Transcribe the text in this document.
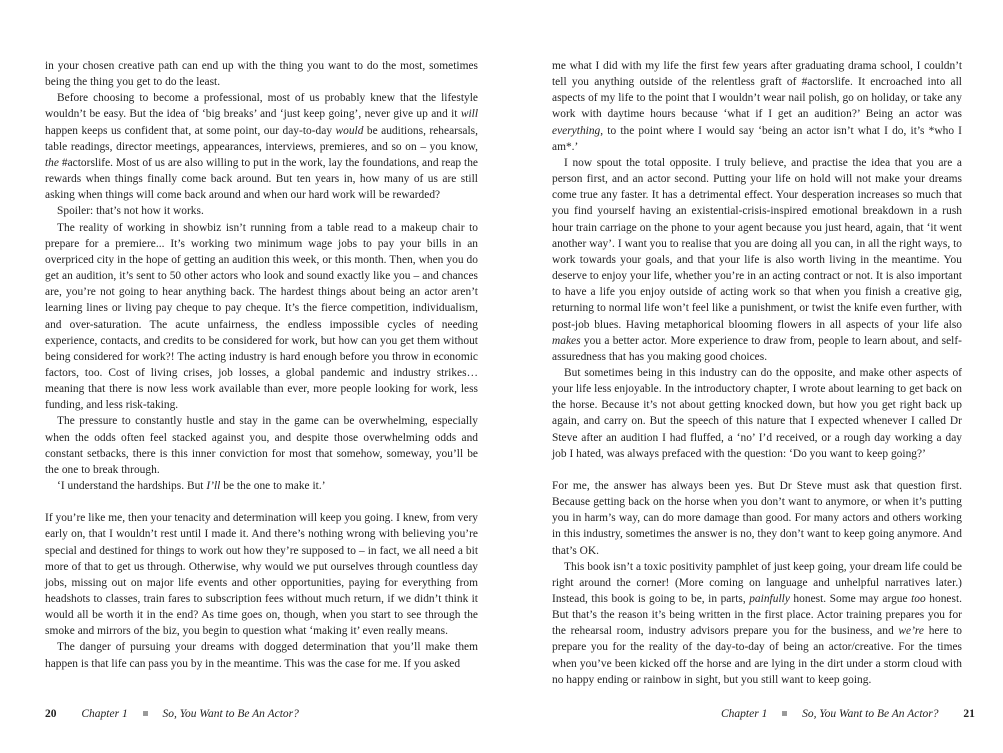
in your chosen creative path can end up with the thing you want to do the most, sometimes being the thing you get to do the least.

Before choosing to become a professional, most of us probably knew that the lifestyle wouldn’t be easy. But the idea of ‘big breaks’ and ‘just keep going’, never give up and it will happen keeps us confident that, at some point, our day-to-day would be auditions, rehearsals, table readings, director meetings, appearances, interviews, premieres, and so on – you know, the #actorslife. Most of us are also willing to put in the work, lay the foundations, and reap the rewards when things finally come back around. But ten years in, how many of us are still asking when things will come back around and when our hard work will be rewarded?

Spoiler: that’s not how it works.

The reality of working in showbiz isn’t running from a table read to a makeup chair to prepare for a premiere... It’s working two minimum wage jobs to pay your bills in an overpriced city in the hope of getting an audition this week, or this month. Then, when you do get an audition, it’s sent to 50 other actors who look and sound exactly like you – and chances are, you’re not going to hear anything back. The hardest things about being an actor aren’t learning lines or living pay cheque to pay cheque. It’s the fierce competition, individualism, and over-saturation. The acute unfairness, the endless impossible cycles of needing experience, contacts, and credits to be considered for work, but how can you get them without being considered for work?! The acting industry is hard enough before you throw in economic factors, too. Cost of living crises, job losses, a global pandemic and industry strikes… meaning that there is now less work available than ever, more people looking for work, less funding, and less risk-taking.

The pressure to constantly hustle and stay in the game can be overwhelming, especially when the odds often feel stacked against you, and despite those overwhelming odds and constant setbacks, there is this inner conviction for most that somehow, someway, you’ll be the one to break through.

‘I understand the hardships. But I’ll be the one to make it.’

If you’re like me, then your tenacity and determination will keep you going. I knew, from very early on, that I wouldn’t rest until I made it. And there’s nothing wrong with believing you’re special and destined for things to work out how they’re supposed to – in fact, we all need a bit more of that to get us through. Otherwise, why would we put ourselves through countless day jobs, missing out on major life events and other opportunities, paying for everything from headshots to classes, train fares to subscription fees without much return, if we didn’t think it would all be worth it in the end? As time goes on, though, when you start to see through the smoke and mirrors of the biz, you begin to question what ‘making it’ even really means.

The danger of pursuing your dreams with dogged determination that you’ll make them happen is that life can pass you by in the meantime. This was the case for me. If you asked

me what I did with my life the first few years after graduating drama school, I couldn’t tell you anything outside of the relentless graft of #actorslife. It encroached into all aspects of my life to the point that I wouldn’t wear nail polish, go on holiday, or take any work with daytime hours because ‘what if I get an audition?’ Being an actor was everything, to the point where I would say ‘being an actor isn’t what I do, it’s *who I am*.’

I now spout the total opposite. I truly believe, and practise the idea that you are a person first, and an actor second. Putting your life on hold will not make your dreams come true any faster. It has a detrimental effect. Your desperation increases so much that you find yourself having an existential-crisis-inspired emotional breakdown in a rush hour train carriage on the phone to your agent because you just heard, again, that ‘it went another way’. I want you to realise that you are doing all you can, in all the right ways, to work towards your goals, and that your life is also worth living in the meantime. You deserve to enjoy your life, whether you’re in an acting contract or not. It is also important to have a life you enjoy outside of acting work so that when you finish a creative gig, returning to normal life won’t feel like a punishment, or twist the knife even further, with post-job blues. Having metaphorical blooming flowers in all aspects of your life also makes you a better actor. More experience to draw from, people to learn about, and self-assuredness that has you making good choices.

But sometimes being in this industry can do the opposite, and make other aspects of your life less enjoyable. In the introductory chapter, I wrote about learning to get back on the horse. Because it’s not about getting knocked down, but how you get right back up again, and carry on. But the speech of this nature that I expected whenever I called Dr Steve after an audition I had fluffed, a ‘no’ I’d received, or a rough day working a day job I hated, was always prefaced with the question: ‘Do you want to keep going?’

For me, the answer has always been yes. But Dr Steve must ask that question first. Because getting back on the horse when you don’t want to anymore, or when it’s putting you in harm’s way, can do more damage than good. For many actors and others working in this industry, sometimes the answer is no, they don’t want to keep going anymore. And that’s OK.

This book isn’t a toxic positivity pamphlet of just keep going, your dream life could be right around the corner! (More coming on language and unhelpful narratives later.) Instead, this book is going to be, in parts, painfully honest. Some may argue too honest. But that’s the reason it’s being written in the first place. Actor training prepares you for the rehearsal room, industry advisors prepare you for the business, and we’re here to prepare you for the reality of the day-to-day of being an actor/creative. For the times when you’ve been kicked off the horse and are lying in the dirt under a storm cloud with no happy ending or rainbow in sight, but you still want to keep going.

20 Chapter 1	So, You Want to Be An Actor?	Chapter 1	So, You Want to Be An Actor? 21
